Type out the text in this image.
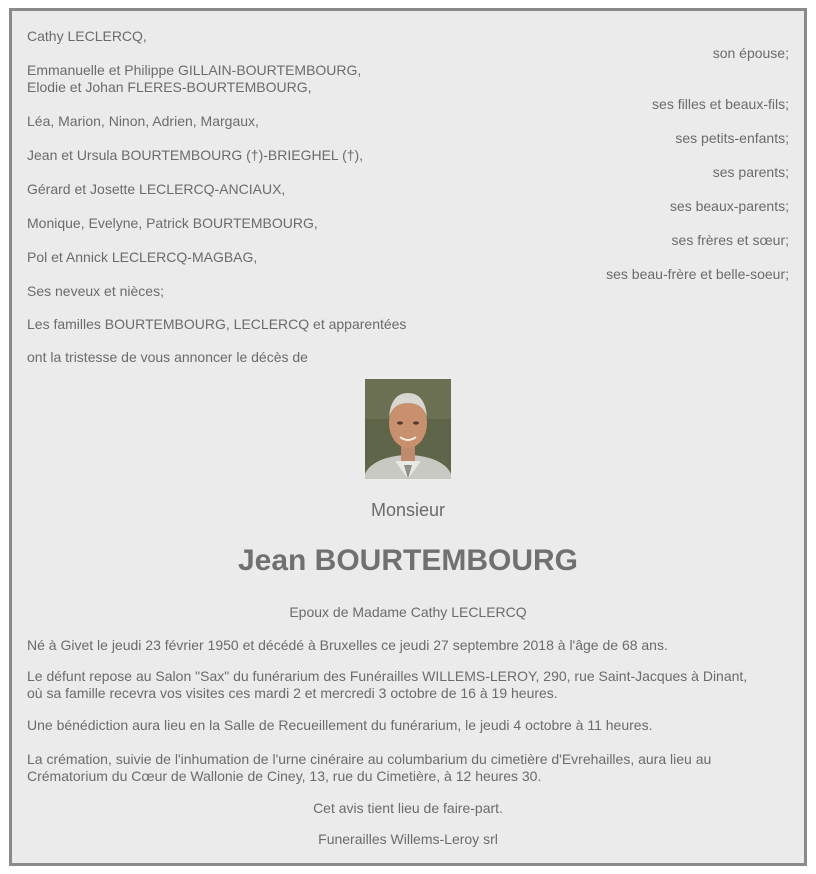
Cathy LECLERCQ,
son épouse;
Emmanuelle et Philippe GILLAIN-BOURTEMBOURG,
Elodie et Johan FLERES-BOURTEMBOURG,
ses filles et beaux-fils;
Léa, Marion, Ninon, Adrien, Margaux,
ses petits-enfants;
Jean et Ursula BOURTEMBOURG (†)-BRIEGHEL (†),
ses parents;
Gérard et Josette LECLERCQ-ANCIAUX,
ses beaux-parents;
Monique, Evelyne, Patrick BOURTEMBOURG,
ses frères et sœur;
Pol et Annick LECLERCQ-MAGBAG,
ses beau-frère et belle-soeur;
Ses neveux et nièces;
Les familles BOURTEMBOURG, LECLERCQ et apparentées
ont la tristesse de vous annoncer le décès de
Monsieur
Jean BOURTEMBOURG
Epoux de Madame Cathy LECLERCQ
Né à Givet le jeudi 23 février 1950 et décédé à Bruxelles ce jeudi 27 septembre 2018 à l'âge de 68 ans.
Le défunt repose au Salon "Sax" du funérarium des Funérailles WILLEMS-LEROY, 290, rue Saint-Jacques à Dinant,
où sa famille recevra vos visites ces mardi 2 et mercredi 3 octobre de 16 à 19 heures.
Une bénédiction aura lieu en la Salle de Recueillement du funérarium, le jeudi 4 octobre à 11 heures.
La crémation, suivie de l'inhumation de l'urne cinéraire au columbarium du cimetière d'Evrehailles, aura lieu au
Crématorium du Cœur de Wallonie de Ciney, 13, rue du Cimetière, à 12 heures 30.
Cet avis tient lieu de faire-part.
Funerailles Willems-Leroy srl
